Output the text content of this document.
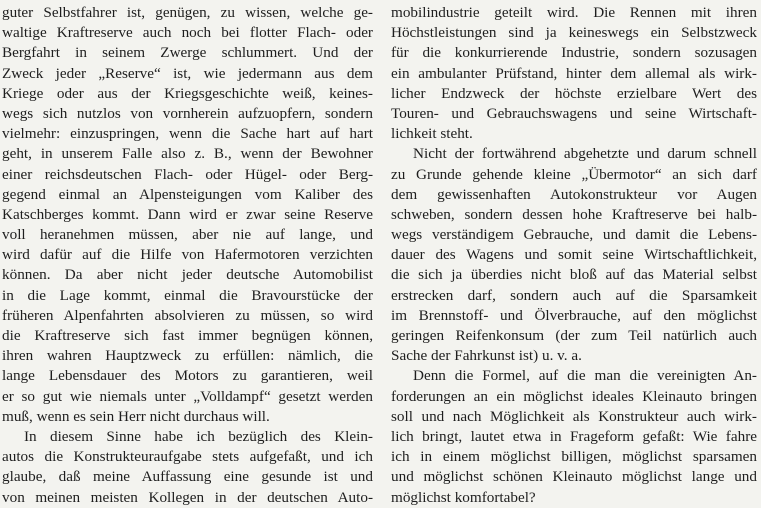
guter Selbstfahrer ist, genügen, zu wissen, welche ge-
waltige Kraftreserve auch noch bei flotter Flach- oder
Bergfahrt in seinem Zwerge schlummert. Und der
Zweck jeder „Reserve“ ist, wie jedermann aus dem
Kriege oder aus der Kriegsgeschichte weiß, keines-
wegs sich nutzlos von vornherein aufzuopfern, sondern
vielmehr: einzuspringen, wenn die Sache hart auf hart
geht, in unserem Falle also z. B., wenn der Bewohner
einer reichsdeutschen Flach- oder Hügel- oder Berg-
gegend einmal an Alpensteigungen vom Kaliber des
Katschberges kommt. Dann wird er zwar seine Reserve
voll heranehmen müssen, aber nie auf lange, und
wird dafür auf die Hilfe von Hafermotoren verzichten
können. Da aber nicht jeder deutsche Automobilist
in die Lage kommt, einmal die Bravourstücke der
früheren Alpenfahrten absolvieren zu müssen, so wird
die Kraftreserve sich fast immer begnügen können,
ihren wahren Hauptzweck zu erfüllen: nämlich, die
lange Lebensdauer des Motors zu garantieren, weil
er so gut wie niemals unter „Volldampf“ gesetzt werden
muß, wenn es sein Herr nicht durchaus will.
In diesem Sinne habe ich bezüglich des Klein-
autos die Konstrukteuraufgabe stets aufgefaßt, und ich
glaube, daß meine Auffassung eine gesunde ist und
von meinen meisten Kollegen in der deutschen Auto-
mobilindustrie geteilt wird. Die Rennen mit ihren
Höchstleistungen sind ja keineswegs ein Selbstzweck
für die konkurrierende Industrie, sondern sozusagen
ein ambulanter Prüfstand, hinter dem allemal als wirk-
licher Endzweck der höchste erzielbare Wert des
Touren- und Gebrauchswagens und seine Wirtschaft-
lichkeit steht.
Nicht der fortwährend abgehetzte und darum schnell
zu Grunde gehende kleine „Übermotor“ an sich darf
dem gewissenhaften Autokonstrukteur vor Augen
schweben, sondern dessen hohe Kraftreserve bei halb-
wegs verständigem Gebrauche, und damit die Lebens-
dauer des Wagens und somit seine Wirtschaftlichkeit,
die sich ja überdies nicht bloß auf das Material selbst
erstrecken darf, sondern auch auf die Sparsamkeit
im Brennstoff- und Ölverbrauche, auf den möglichst
geringen Reifenkonsum (der zum Teil natürlich auch
Sache der Fahrkunst ist) u. v. a.
Denn die Formel, auf die man die vereinigten An-
forderungen an ein möglichst ideales Kleinauto bringen
soll und nach Möglichkeit als Konstrukteur auch wirk-
lich bringt, lautet etwa in Frageform gefaßt: Wie fahre
ich in einem möglichst billigen, möglichst sparsamen
und möglichst schönen Kleinauto möglichst lange und
möglichst komfortabel?
